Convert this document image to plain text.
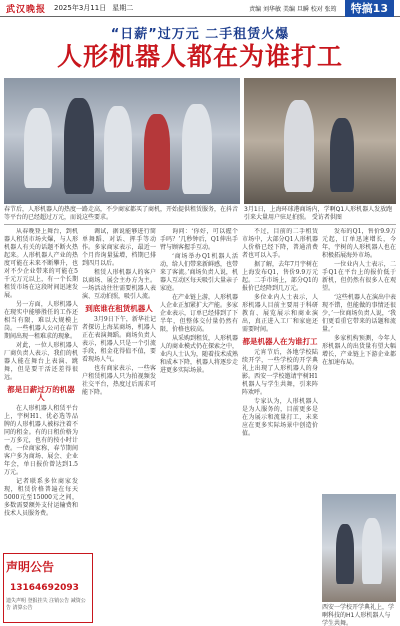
武汉晚报 2025年3月11日 星期二	责编 刘华敏 美编 旦瞬 校对 张筠	特搞13
“日薪”过万元 二手租赁火爆
人形机器人都在为谁打工
春节后，人形机器人的热度一路走高，不少商家都买了商机，开始提供租赁服务，在抖音等平台的已经超过万元，而说这些要求。
3月1日，上海环球港商场内，学啊Q1人形机器人发放跑引来大量用户驻足拍照。 受访者供图

从春晚登上舞台，到机器人租赁市场火爆，与人形机器人有关的话题不断火热起来。人形机器人产业的热度可能在未来不断攀升，也对不少企业带来的可能在5千元万元以上，有一个长期租赁市场在这段时间迅速发展。

另一方面，人形机器人在现实中能够胜任的工作还相当有限，难以大规模上岗。一些机器人公司在春节期间出现一租难求的现象。

对此，一位人形机器人厂商负责人表示，我们的机器人能在舞台上表演、跳舞，但是要干活还差得很远。

都是日薪过万的机器人

在人形机器人租赁平台上，宇树H1、优必选等品牌的人形机器人被标注着不同的租金。有的日租价格为一万多元，也有的按小时计费。一位商家称，春节期间客户多为商场、展会、企业年会，单日报价曾达到1.5万元。

记者联系多位商家发现，租赁价格普遍在每天5000元至15000元之间，多数需要额外支付运输费和技术人员服务费。

声明公告 13164692093
遗失声明 登报挂失 注销公告 减资公告 清算公告

调试，据说能够进行简单舞蹈、对话、挥手等动作。多家商家表示，最近一个月咨询量猛增，档期已排到四月以后。

租赁人形机器人的客户以商场、展会主办方为主。一场活动往往需要机器人表演、互动拍照，吸引人流。

到底谁在租赁机器人

3月9日下午，新华社记者探访上海某商场，机器人正在表演舞蹈。商场负责人表示，机器人只是一个引流手段，租金花得值不值，要看现场人气。

也有商家表示，一些客户租赁机器人只为拍视频发社交平台，热度过后需求可能下降。

询问：‘你好，可以握个手吗？’几秒钟后，Q1伸出手臂与顾客握手互动。

‘商场举办Q1机器人活动，给人们带来新鲜感，也带来了客流。’商场负责人说，机器人互动区每天吸引大量亲子家庭。

在产业链上游，人形机器人企业正加紧扩大产能。多家企业表示，订单已经排到了下半年，但整体交付量仍然有限，价格也较高。

从采购到租赁，人形机器人的商业模式仍在探索之中，业内人士认为，随着技术成熟和成本下降，机器人将逐步走进更多实际场景。

不过，目前的二手租赁市场中，大部分Q1人形机器人价格已经下降，普通消费者也可以入手。

据了解，去年7月宇树在上海发布Q1，售价9.9万元起。二手市场上，部分Q1的报价已经降到几万元。

多位业内人士表示，人形机器人目前主要用于科研教育、展览展示和商业演出，真正进入工厂和家庭还需要时间。

都是机器人在为谁打工

元宵节后，各地学校陆续开学，一些学校的开学典礼上出现了人形机器人的身影。西安一学校邀请宇树H1机器人与学生共舞，引来阵阵欢呼。

专家认为，人形机器人是为人服务的，目前更多是在为展示和流量打工，未来应在更多实际场景中创造价值。

发布的Q1，售价9.9万元起，订单迅速增长，今年，宇树的人形机器人也在积极拓展海外市场。

一位业内人士表示，二手Q1在平台上的报价低于新机，但仍然有很多人在观望。

‘这些机器人在演出中表现不错，但能做的事情还很少，’一位商场负责人说，‘我们更看重它带来的话题和流量。’

多家机构预测，今年人形机器人的出货量有望大幅增长，产业链上下游企业都在加速布局。

西安一学校开学典礼上，学啊科技的H1人形机器人与学生共舞。
